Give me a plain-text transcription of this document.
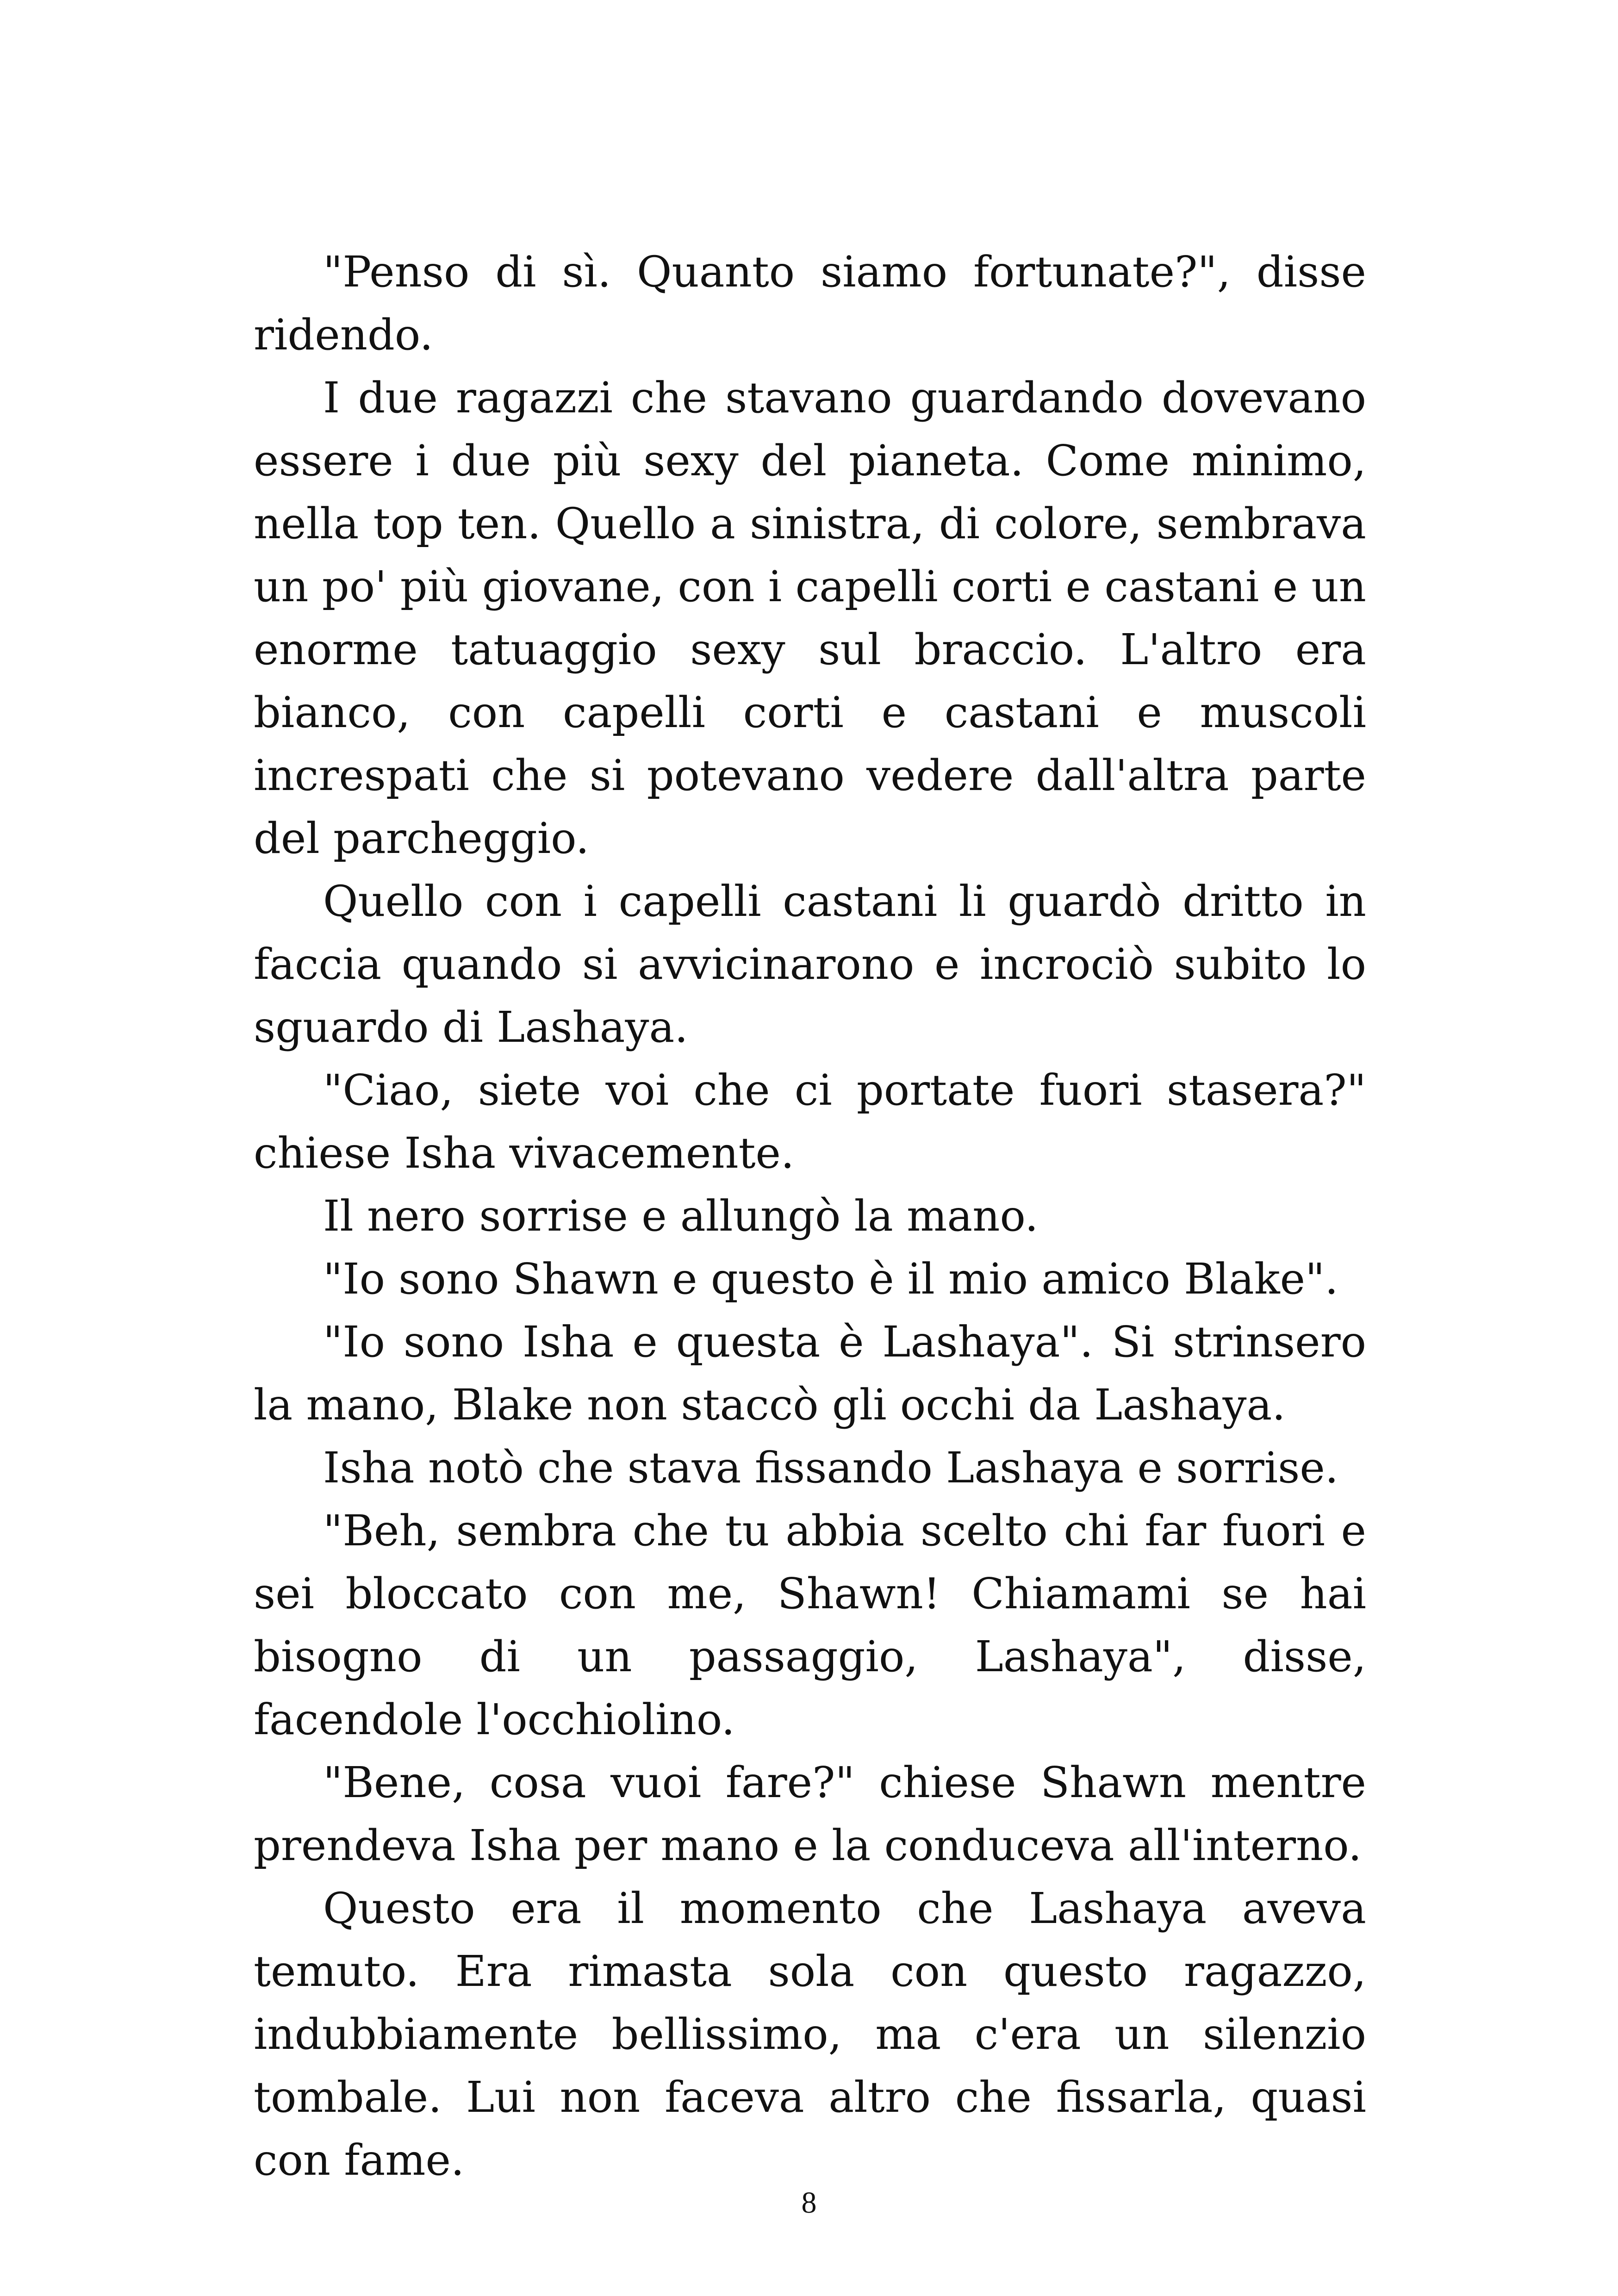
"Penso di sì. Quanto siamo fortunate?", disse ridendo.

I due ragazzi che stavano guardando dovevano essere i due più sexy del pianeta. Come minimo, nella top ten. Quello a sinistra, di colore, sembrava un po' più giovane, con i capelli corti e castani e un enorme tatuaggio sexy sul braccio. L'altro era bianco, con capelli corti e castani e muscoli increspati che si potevano vedere dall'altra parte del parcheggio.

Quello con i capelli castani li guardò dritto in faccia quando si avvicinarono e incrociò subito lo sguardo di Lashaya.

"Ciao, siete voi che ci portate fuori stasera?" chiese Isha vivacemente.

Il nero sorrise e allungò la mano.

"Io sono Shawn e questo è il mio amico Blake".

"Io sono Isha e questa è Lashaya". Si strinsero la mano, Blake non staccò gli occhi da Lashaya.

Isha notò che stava fissando Lashaya e sorrise.

"Beh, sembra che tu abbia scelto chi far fuori e sei bloccato con me, Shawn! Chiamami se hai bisogno di un passaggio, Lashaya", disse, facendole l'occhiolino.

"Bene, cosa vuoi fare?" chiese Shawn mentre prendeva Isha per mano e la conduceva all'interno.

Questo era il momento che Lashaya aveva temuto. Era rimasta sola con questo ragazzo, indubbiamente bellissimo, ma c'era un silenzio tombale. Lui non faceva altro che fissarla, quasi con fame.

8
